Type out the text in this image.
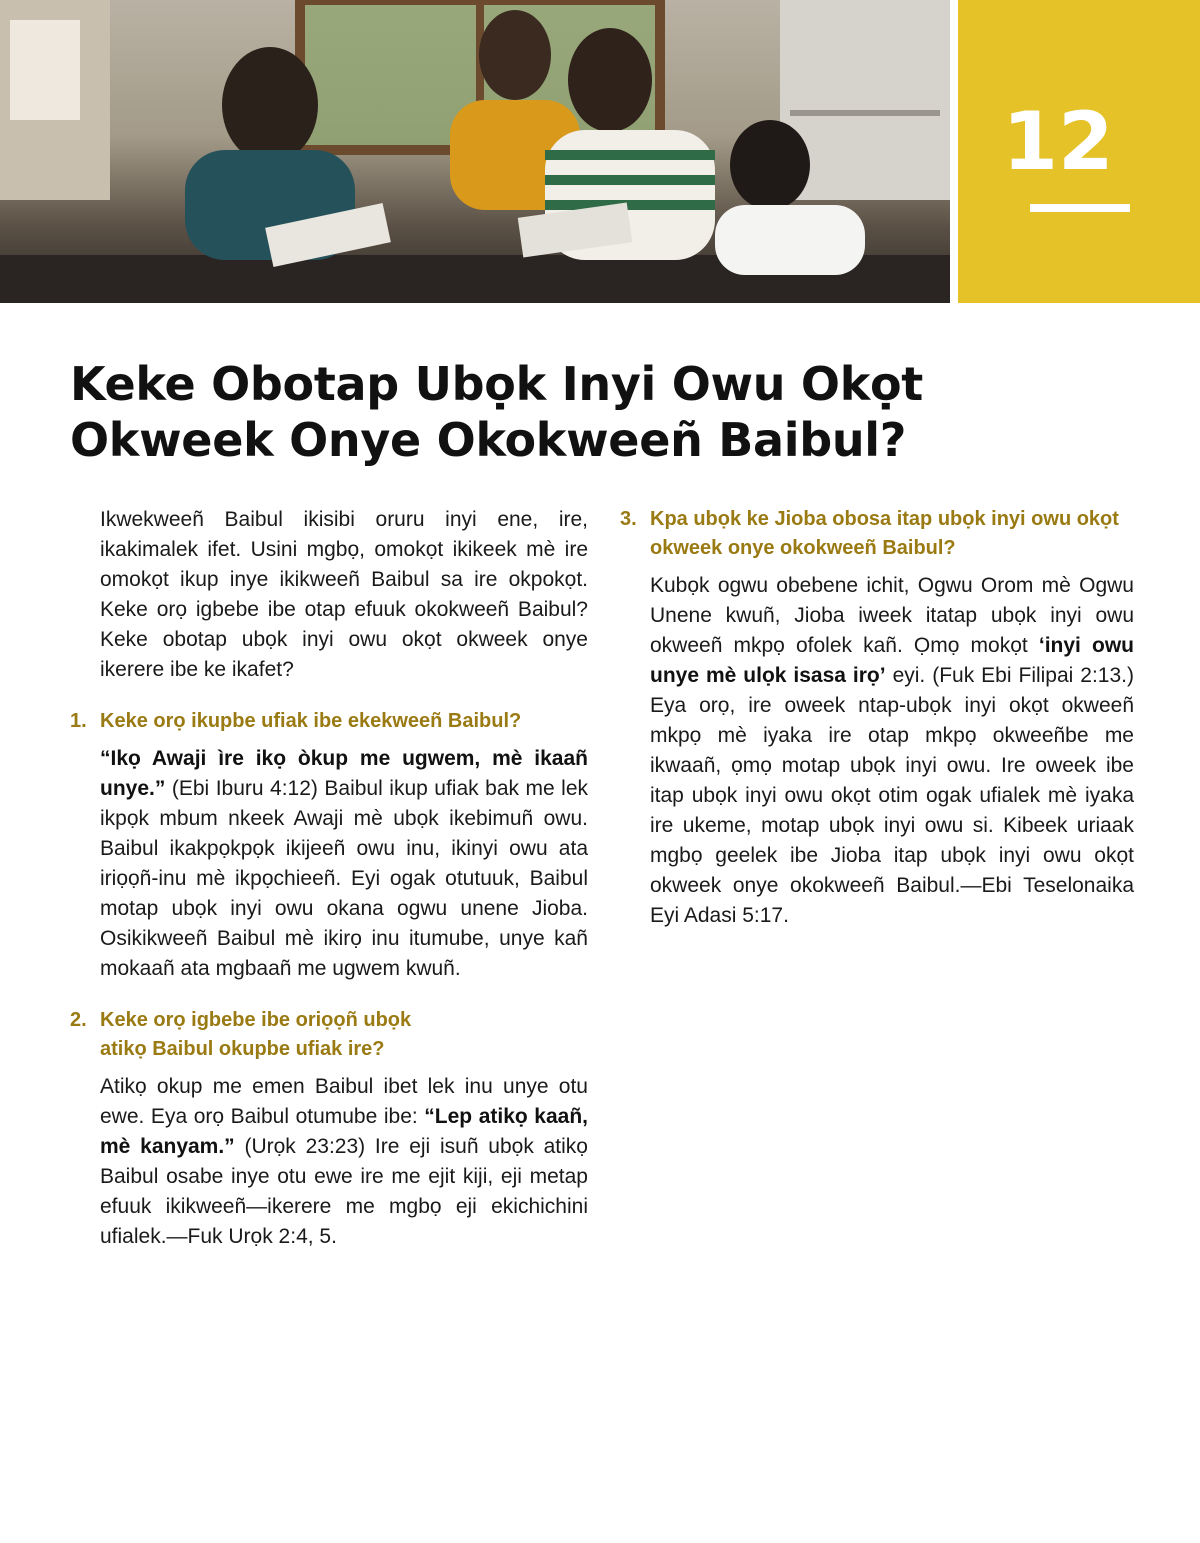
12
Keke Obotap Ubọk Inyi Owu Okọt
Okweek Onye Okokweeñ Baibul?

Ikwekweeñ Baibul ikisibi oruru inyi ene, ire, ikakimalek ifet. Usini mgbọ, omokọt ikikeek mè ire omokọt ikup inye ikikweeñ Baibul sa ire okpokọt. Keke orọ igbebe ibe otap efuuk okokweeñ Baibul? Keke obotap ubọk inyi owu okọt okweek onye ikerere ibe ke ikafet?

1. Keke orọ ikupbe ufiak ibe ekekweeñ Baibul?

“Ikọ Awaji ìre ikọ òkup me ugwem, mè ikaañ unye.” (Ebi Iburu 4:12) Baibul ikup ufiak bak me lek ikpọk mbum nkeek Awaji mè ubọk ikebimuñ owu. Baibul ikakpọkpọk ikijeeñ owu inu, ikinyi owu ata iriọọñ-inu mè ikpọchieeñ. Eyi ogak otutuuk, Baibul motap ubọk inyi owu okana ogwu unene Jioba. Osikikweeñ Baibul mè ikirọ inu itumube, unye kañ mokaañ ata mgbaañ me ugwem kwuñ.

2. Keke orọ igbebe ibe oriọọñ ubọk
atikọ Baibul okupbe ufiak ire?

Atikọ okup me emen Baibul ibet lek inu unye otu ewe. Eya orọ Baibul otumube ibe: “Lep atikọ kaañ, mè kanyam.” (Urọk 23:23) Ire eji isuñ ubọk atikọ Baibul osabe inye otu ewe ire me ejit kiji, eji metap efuuk ikikweeñ—ikerere me mgbọ eji ekichichini ufialek.—Fuk Urọk 2:4, 5.

3. Kpa ubọk ke Jioba obosa itap ubọk inyi owu okọt okweek onye okokweeñ Baibul?

Kubọk ogwu obebene ichit, Ogwu Orom mè Ogwu Unene kwuñ, Jioba iweek itatap ubọk inyi owu okweeñ mkpọ ofolek kañ. Ọmọ mokọt ‘inyi owu unye mè ulọk isasa irọ’ eyi. (Fuk Ebi Filipai 2:13.) Eya orọ, ire oweek ntap-ubọk inyi okọt okweeñ mkpọ mè iyaka ire otap mkpọ okweeñbe me ikwaañ, ọmọ motap ubọk inyi owu. Ire oweek ibe itap ubọk inyi owu okọt otim ogak ufialek mè iyaka ire ukeme, motap ubọk inyi owu si. Kibeek uriaak mgbọ geelek ibe Jioba itap ubọk inyi owu okọt okweek onye okokweeñ Baibul.—Ebi Teselonaika Eyi Adasi 5:17.
